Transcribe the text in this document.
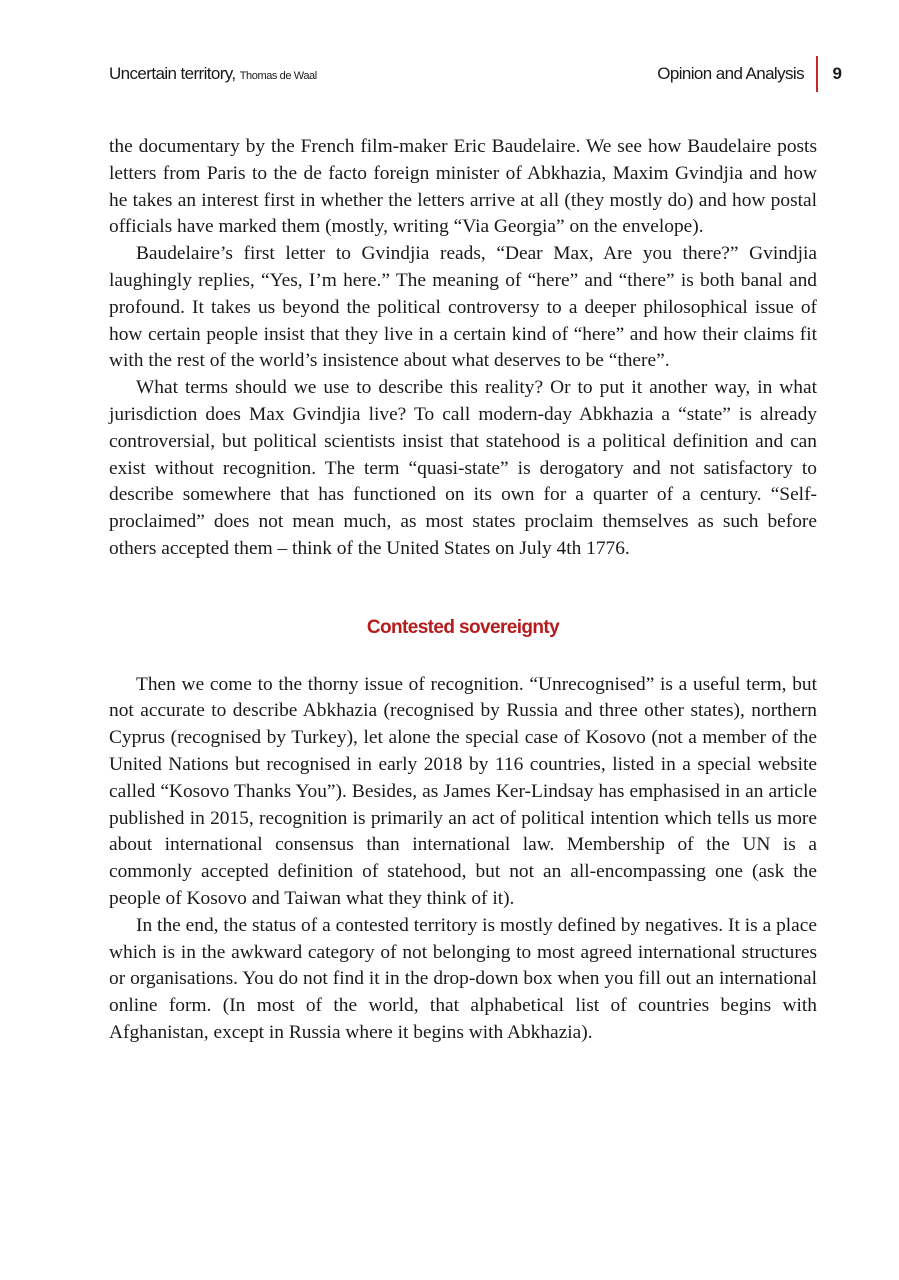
Uncertain territory, Thomas de Waal	Opinion and Analysis 9

the documentary by the French film-maker Eric Baudelaire. We see how Baudelaire posts letters from Paris to the de facto foreign minister of Abkhazia, Maxim Gvindjia and how he takes an interest first in whether the letters arrive at all (they mostly do) and how postal officials have marked them (mostly, writing “Via Georgia” on the envelope).

Baudelaire’s first letter to Gvindjia reads, “Dear Max, Are you there?” Gvindjia laughingly replies, “Yes, I’m here.” The meaning of “here” and “there” is both banal and profound. It takes us beyond the political controversy to a deeper philosophical issue of how certain people insist that they live in a certain kind of “here” and how their claims fit with the rest of the world’s insistence about what deserves to be “there”.

What terms should we use to describe this reality? Or to put it another way, in what jurisdiction does Max Gvindjia live? To call modern-day Abkhazia a “state” is already controversial, but political scientists insist that statehood is a political definition and can exist without recognition. The term “quasi-state” is derogatory and not satisfactory to describe somewhere that has functioned on its own for a quarter of a century. “Self-proclaimed” does not mean much, as most states proclaim themselves as such before others accepted them – think of the United States on July 4th 1776.

Contested sovereignty

Then we come to the thorny issue of recognition. “Unrecognised” is a useful term, but not accurate to describe Abkhazia (recognised by Russia and three other states), northern Cyprus (recognised by Turkey), let alone the special case of Kosovo (not a member of the United Nations but recognised in early 2018 by 116 countries, listed in a special website called “Kosovo Thanks You”). Besides, as James Ker-Lindsay has emphasised in an article published in 2015, recognition is primarily an act of political intention which tells us more about international consensus than international law. Membership of the UN is a commonly accepted definition of statehood, but not an all-encompassing one (ask the people of Kosovo and Taiwan what they think of it).

In the end, the status of a contested territory is mostly defined by negatives. It is a place which is in the awkward category of not belonging to most agreed international structures or organisations. You do not find it in the drop-down box when you fill out an international online form. (In most of the world, that alphabetical list of countries begins with Afghanistan, except in Russia where it begins with Abkhazia).
